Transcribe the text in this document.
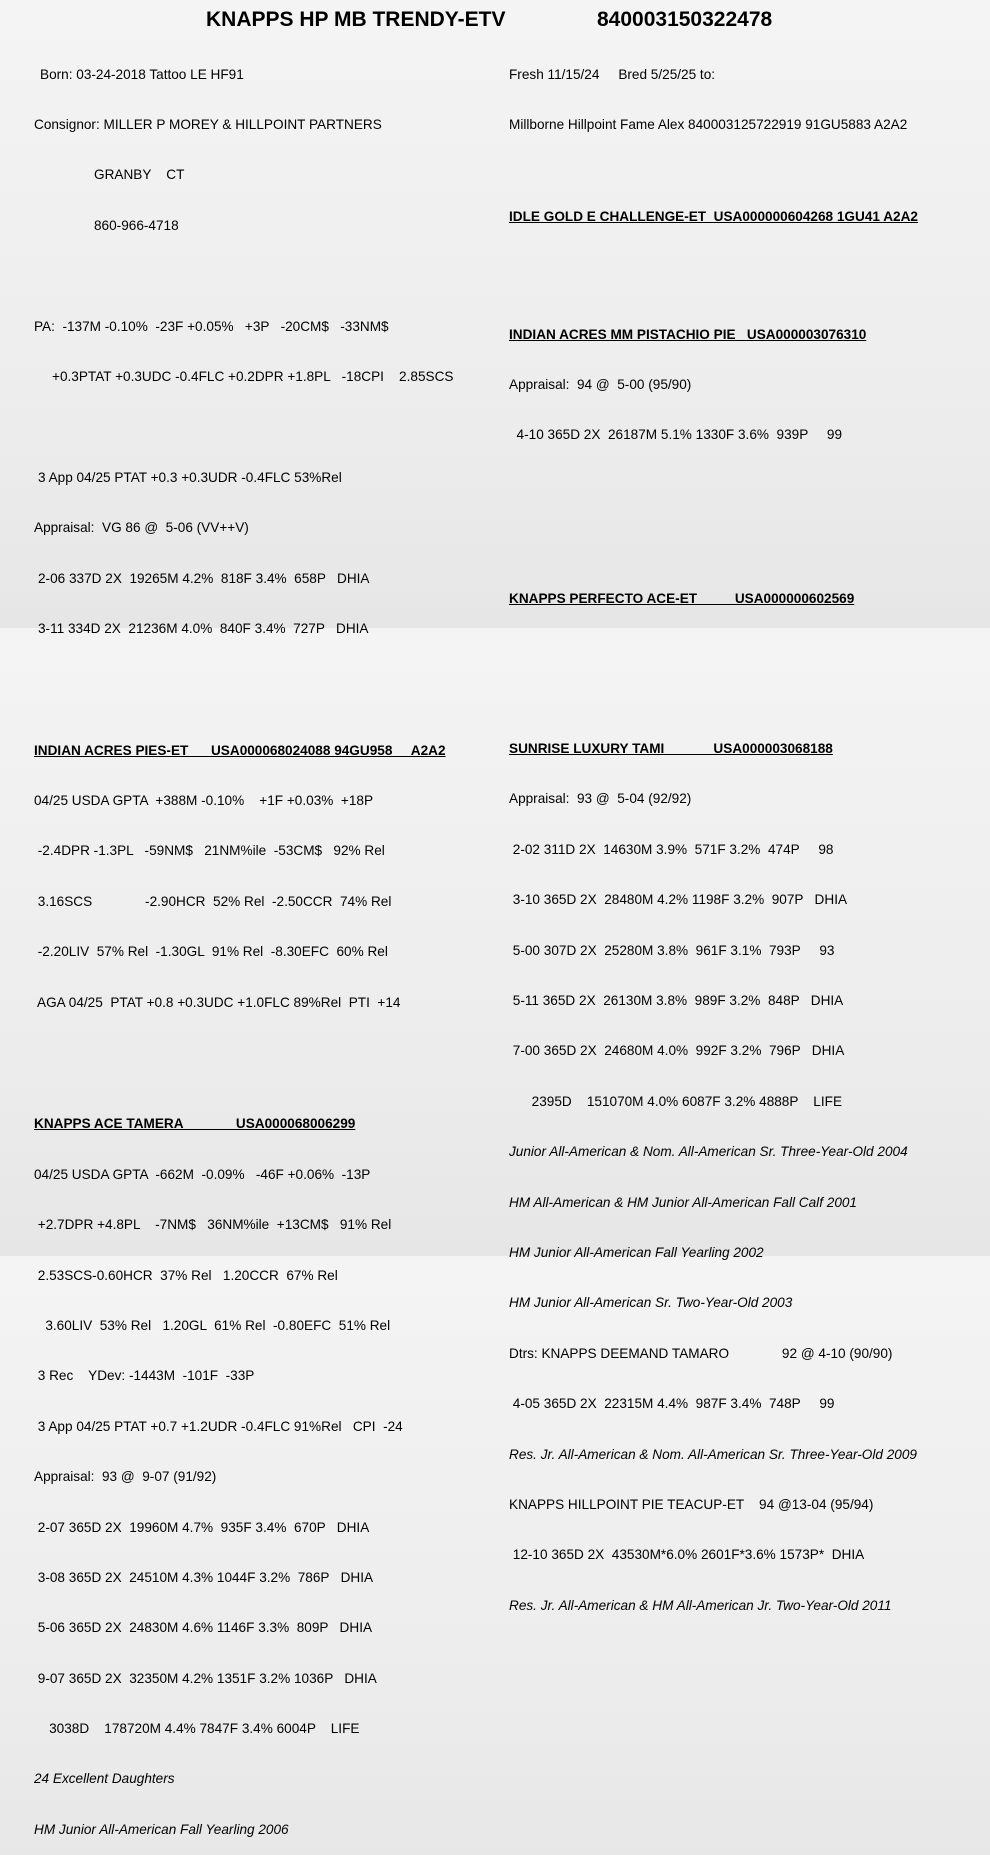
KNAPPS HP MB TRENDY-ETV	840003150322478

Born: 03-24-2018 Tattoo LE HF91

Consignor: MILLER P MOREY & HILLPOINT PARTNERS

GRANBY    CT

860-966-4718

PA:  -137M -0.10%  -23F +0.05%   +3P   -20CM$   -33NM$

+0.3PTAT +0.3UDC -0.4FLC +0.2DPR +1.8PL   -18CPI    2.85SCS

3 App 04/25 PTAT +0.3 +0.3UDR -0.4FLC 53%Rel

Appraisal:  VG 86 @  5-06 (VV++V)

2-06 337D 2X  19265M 4.2%  818F 3.4%  658P   DHIA

3-11 334D 2X  21236M 4.0%  840F 3.4%  727P   DHIA

INDIAN ACRES PIES-ET      USA000068024088 94GU958     A2A2

04/25 USDA GPTA  +388M -0.10%    +1F +0.03%  +18P

-2.4DPR -1.3PL   -59NM$   21NM%ile  -53CM$   92% Rel

3.16SCS              -2.90HCR  52% Rel  -2.50CCR  74% Rel

-2.20LIV  57% Rel  -1.30GL  91% Rel  -8.30EFC  60% Rel

AGA 04/25  PTAT +0.8 +0.3UDC +1.0FLC 89%Rel  PTI  +14

KNAPPS ACE TAMERA              USA000068006299

04/25 USDA GPTA  -662M  -0.09%   -46F +0.06%  -13P

+2.7DPR +4.8PL    -7NM$   36NM%ile  +13CM$   91% Rel

2.53SCS-0.60HCR  37% Rel   1.20CCR  67% Rel

3.60LIV  53% Rel   1.20GL  61% Rel  -0.80EFC  51% Rel

3 Rec    YDev: -1443M  -101F  -33P

3 App 04/25 PTAT +0.7 +1.2UDR -0.4FLC 91%Rel   CPI  -24

Appraisal:  93 @  9-07 (91/92)

2-07 365D 2X  19960M 4.7%  935F 3.4%  670P   DHIA

3-08 365D 2X  24510M 4.3% 1044F 3.2%  786P   DHIA

5-06 365D 2X  24830M 4.6% 1146F 3.3%  809P   DHIA

9-07 365D 2X  32350M 4.2% 1351F 3.2% 1036P   DHIA

3038D    178720M 4.4% 7847F 3.4% 6004P    LIFE

24 Excellent Daughters

HM Junior All-American Fall Yearling 2006

Fresh 11/15/24     Bred 5/25/25 to:

Millborne Hillpoint Fame Alex 840003125722919 91GU5883 A2A2

IDLE GOLD E CHALLENGE-ET  USA000000604268 1GU41 A2A2

INDIAN ACRES MM PISTACHIO PIE   USA000003076310

Appraisal:  94 @  5-00 (95/90)

4-10 365D 2X  26187M 5.1% 1330F 3.6%  939P     99

KNAPPS PERFECTO ACE-ET          USA000000602569

SUNRISE LUXURY TAMI             USA000003068188

Appraisal:  93 @  5-04 (92/92)

2-02 311D 2X  14630M 3.9%  571F 3.2%  474P     98

3-10 365D 2X  28480M 4.2% 1198F 3.2%  907P   DHIA

5-00 307D 2X  25280M 3.8%  961F 3.1%  793P     93

5-11 365D 2X  26130M 3.8%  989F 3.2%  848P   DHIA

7-00 365D 2X  24680M 4.0%  992F 3.2%  796P   DHIA

2395D    151070M 4.0% 6087F 3.2% 4888P    LIFE

Junior All-American & Nom. All-American Sr. Three-Year-Old 2004

HM All-American & HM Junior All-American Fall Calf 2001

HM Junior All-American Fall Yearling 2002

HM Junior All-American Sr. Two-Year-Old 2003

Dtrs: KNAPPS DEEMAND TAMARO              92 @ 4-10 (90/90)

4-05 365D 2X  22315M 4.4%  987F 3.4%  748P     99

Res. Jr. All-American & Nom. All-American Sr. Three-Year-Old 2009

KNAPPS HILLPOINT PIE TEACUP-ET    94 @13-04 (95/94)

12-10 365D 2X  43530M*6.0% 2601F*3.6% 1573P*  DHIA

Res. Jr. All-American & HM All-American Jr. Two-Year-Old 2011
